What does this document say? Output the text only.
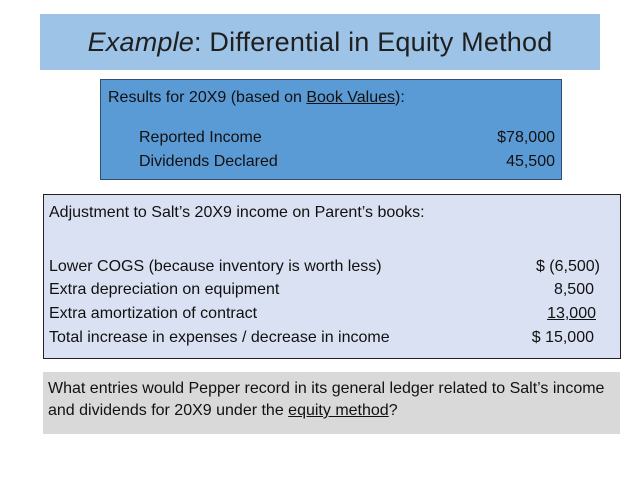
Example : Differential in Equity Method
Results for 20X9 (based on Book Values):
Reported Income	$78,000
Dividends Declared	45,500
Adjustment to Salt’s 20X9 income on Parent’s books:
Lower COGS (because inventory is worth less)	$ (6,500)
Extra depreciation on equipment	8,500
Extra amortization of contract	13,000
Total increase in expenses / decrease in income	$ 15,000
What entries would Pepper record in its general ledger related to Salt’s income and dividends for 20X9 under the equity method?
